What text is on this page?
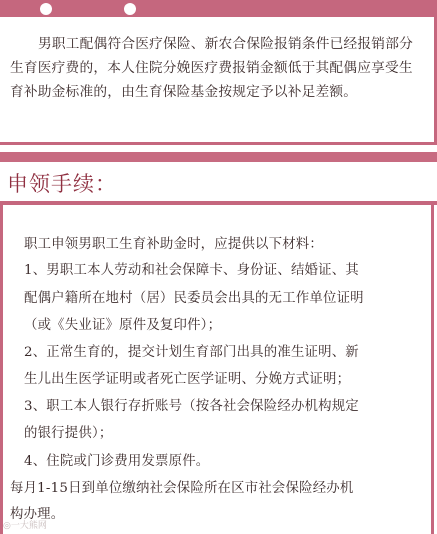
男职工配偶符合医疗保险、新农合保险报销条件已经报销部分生育医疗费的，本人住院分娩医疗费报销金额低于其配偶应享受生育补助金标准的，由生育保险基金按规定予以补足差额。

申领手续：
职工申领男职工生育补助金时，应提供以下材料：
1、男职工本人劳动和社会保障卡、身份证、结婚证、其
配偶户籍所在地村（居）民委员会出具的无工作单位证明
（或《失业证》原件及复印件）；
2、正常生育的，提交计划生育部门出具的准生证明、新
生儿出生医学证明或者死亡医学证明、分娩方式证明；
3、职工本人银行存折账号（按各社会保险经办机构规定
的银行提供）；
4、住院或门诊费用发票原件。
每月1-15日到单位缴纳社会保险所在区市社会保险经办机
构办理。
◎一大熊网
